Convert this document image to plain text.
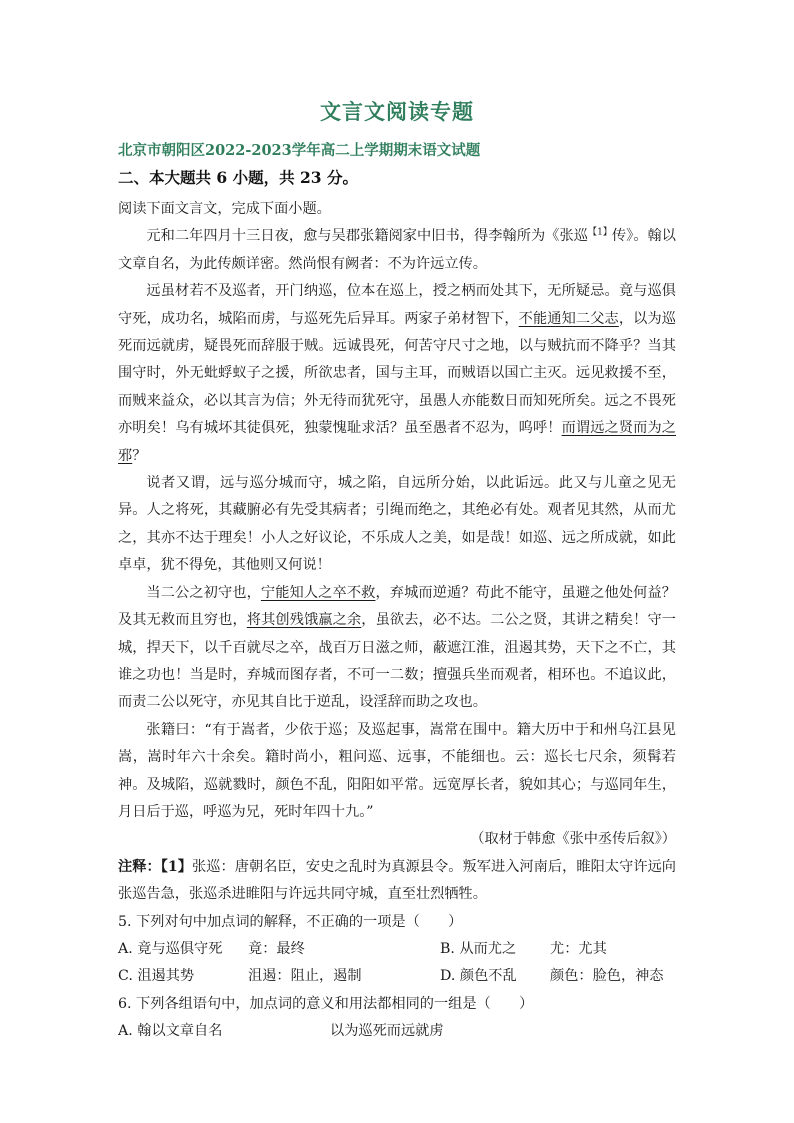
文言文阅读专题
北京市朝阳区2022-2023学年高二上学期期末语文试题
二、本大题共 6 小题，共 23 分。

阅读下面文言文，完成下面小题。

元和二年四月十三日夜，愈与吴郡张籍阅家中旧书，得李翰所为《张巡$^{【1】}$传》。翰以文章自名，为此传颇详密。然尚恨有阙者：不为许远立传。

远虽材若不及巡者，开门纳巡，位本在巡上，授之柄而处其下，无所疑忌。竟与巡俱守死，成功名，城陷而虏，与巡死先后异耳。两家子弟材智下，不能通知二父志，以为巡死而远就虏，疑畏死而辞服于贼。远诚畏死，何苦守尺寸之地，以与贼抗而不降乎？当其围守时，外无蚍蜉蚁子之援，所欲忠者，国与主耳，而贼语以国亡主灭。远见救援不至，而贼来益众，必以其言为信；外无待而犹死守，虽愚人亦能数日而知死所矣。远之不畏死亦明矣！乌有城坏其徒俱死，独蒙愧耻求活？虽至愚者不忍为，呜呼！而谓远之贤而为之邪？

说者又谓，远与巡分城而守，城之陷，自远所分始，以此诟远。此又与儿童之见无异。人之将死，其藏腑必有先受其病者；引绳而绝之，其绝必有处。观者见其然，从而尤之，其亦不达于理矣！小人之好议论，不乐成人之美，如是哉！如巡、远之所成就，如此卓卓，犹不得免，其他则又何说！

当二公之初守也，宁能知人之卒不救，弃城而逆遁？苟此不能守，虽避之他处何益？及其无救而且穷也，将其创残饿羸之余，虽欲去，必不达。二公之贤，其讲之精矣！守一城，捍天下，以千百就尽之卒，战百万日滋之师，蔽遮江淮，沮遏其势，天下之不亡，其谁之功也！当是时，弃城而图存者，不可一二数；擅强兵坐而观者，相环也。不追议此，而责二公以死守，亦见其自比于逆乱，设淫辞而助之攻也。

张籍曰：“有于嵩者，少依于巡；及巡起事，嵩常在围中。籍大历中于和州乌江县见嵩，嵩时年六十余矣。籍时尚小，粗问巡、远事，不能细也。云：巡长七尺余，须髯若神。及城陷，巡就戮时，颜色不乱，阳阳如平常。远宽厚长者，貌如其心；与巡同年生，月日后于巡，呼巡为兄，死时年四十九。”

（取材于韩愈《张中丞传后叙》）

注释：【1】张巡：唐朝名臣，安史之乱时为真源县令。叛军进入河南后，睢阳太守许远向张巡告急，张巡杀进睢阳与许远共同守城，直至壮烈牺牲。

5. 下列对句中加点词的解释，不正确的一项是（　　）

A. 竟与巡俱守死	竟：最终	B. 从而尤之	尤：尤其
C. 沮遏其势	沮遏：阻止，遏制	D. 颜色不乱	颜色：脸色，神态

6. 下列各组语句中，加点词的意义和用法都相同的一组是（　　）

A. 翰以文章自名	以为巡死而远就虏
